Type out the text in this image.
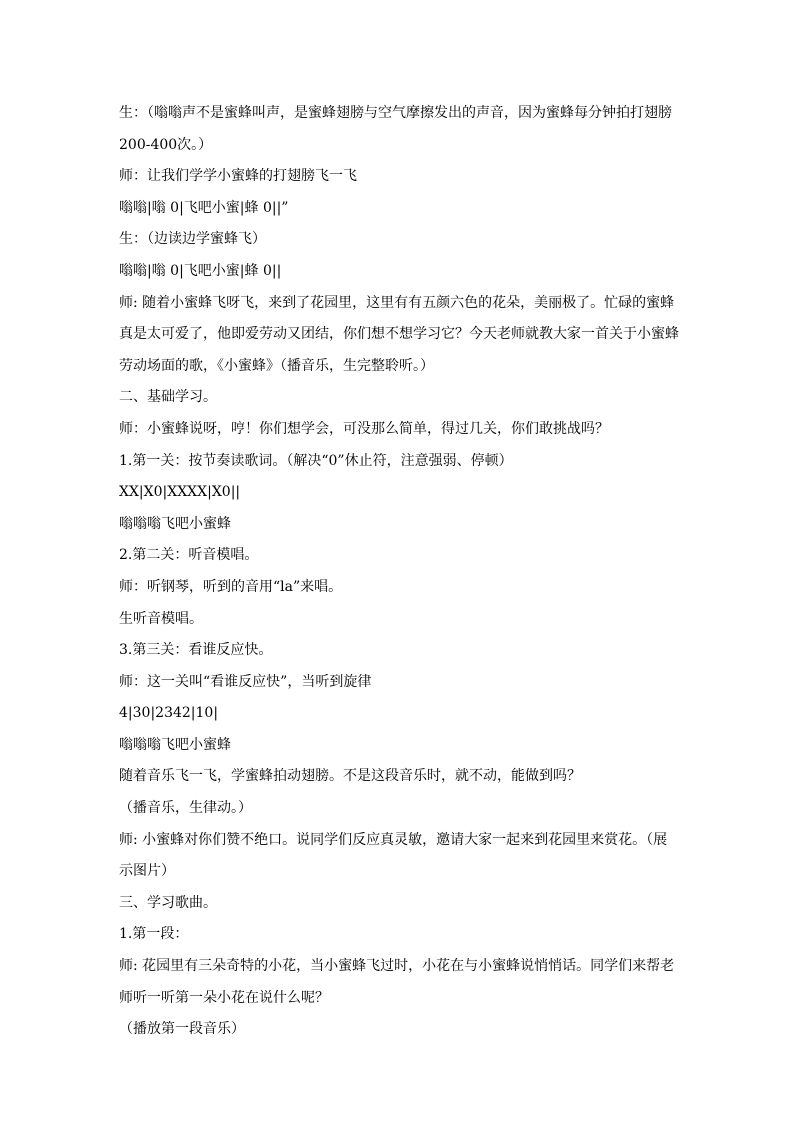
生：（嗡嗡声不是蜜蜂叫声，是蜜蜂翅膀与空气摩擦发出的声音，因为蜜蜂每分钟拍打翅膀
200-400次。）
师：让我们学学小蜜蜂的打翅膀飞一飞
嗡嗡|嗡 0|飞吧小蜜|蜂 0||”
生：（边读边学蜜蜂飞）
嗡嗡|嗡 0|飞吧小蜜|蜂 0||
师: 随着小蜜蜂飞呀飞，来到了花园里，这里有有五颜六色的花朵，美丽极了。忙碌的蜜蜂
真是太可爱了，他即爱劳动又团结，你们想不想学习它？今天老师就教大家一首关于小蜜蜂
劳动场面的歌，《小蜜蜂》（播音乐，生完整聆听。）
二、基础学习。
师：小蜜蜂说呀，哼！你们想学会，可没那么简单，得过几关，你们敢挑战吗？
1.第一关：按节奏读歌词。（解决“0”休止符，注意强弱、停顿）
XX|X0|XXXX|X0||
嗡嗡嗡飞吧小蜜蜂
2.第二关：听音模唱。
师：听钢琴，听到的音用“la”来唱。
生听音模唱。
3.第三关：看谁反应快。
师：这一关叫“看谁反应快”，当听到旋律
4|30|2342|10|
嗡嗡嗡飞吧小蜜蜂
随着音乐飞一飞，学蜜蜂拍动翅膀。不是这段音乐时，就不动，能做到吗？
（播音乐，生律动。）
师: 小蜜蜂对你们赞不绝口。说同学们反应真灵敏，邀请大家一起来到花园里来赏花。（展
示图片）
三、学习歌曲。
1.第一段：
师: 花园里有三朵奇特的小花，当小蜜蜂飞过时，小花在与小蜜蜂说悄悄话。同学们来帮老
师听一听第一朵小花在说什么呢？
（播放第一段音乐）
